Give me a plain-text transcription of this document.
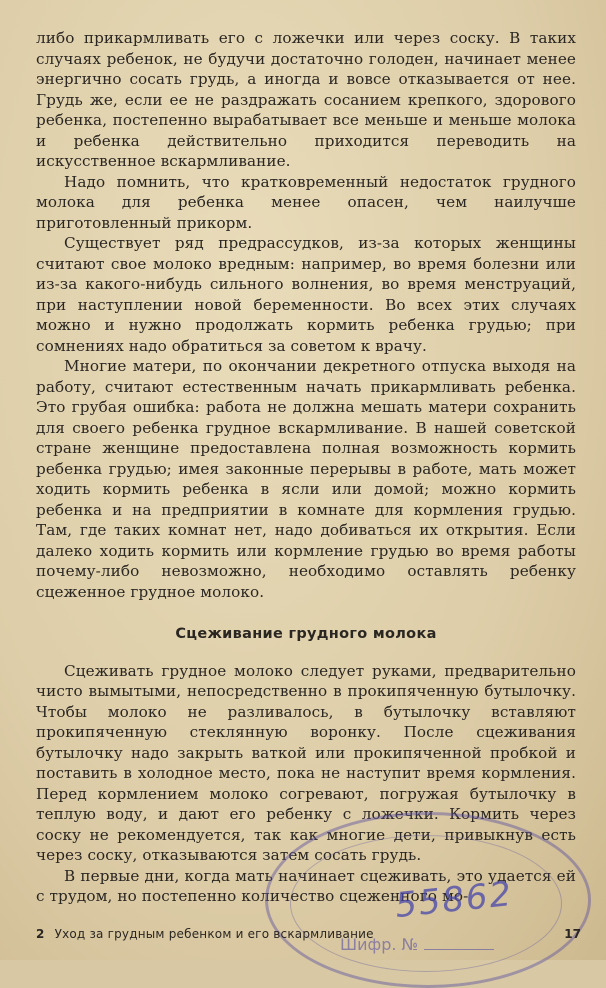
либо прикармливать его с ложечки или через соску. В таких случаях ребенок, не будучи достаточно голоден, начинает менее энергично сосать грудь, а иногда и вовсе отказывается от нее. Грудь же, если ее не раздражать сосанием крепкого, здорового ребенка, постепенно вырабатывает все меньше и меньше молока и ребенка действительно приходится переводить на искусственное вскармливание.

Надо помнить, что кратковременный недостаток грудного молока для ребенка менее опасен, чем наилучше приготовленный прикорм.

Существует ряд предрассудков, из-за которых женщины считают свое молоко вредным: например, во время болезни или из-за какого-нибудь сильного волнения, во время менструаций, при наступлении новой беременности. Во всех этих случаях можно и нужно продолжать кормить ребенка грудью; при сомнениях надо обратиться за советом к врачу.

Многие матери, по окончании декретного отпуска выходя на работу, считают естественным начать прикармливать ребенка. Это грубая ошибка: работа не должна мешать матери сохранить для своего ребенка грудное вскармливание. В нашей советской стране женщине предоставлена полная возможность кормить ребенка грудью; имея законные перерывы в работе, мать может ходить кормить ребенка в ясли или домой; можно кормить ребенка и на предприятии в комнате для кормления грудью. Там, где таких комнат нет, надо добиваться их открытия. Если далеко ходить кормить или кормление грудью во время работы почему-либо невозможно, необходимо оставлять ребенку сцеженное грудное молоко.

Сцеживание грудного молока

Сцеживать грудное молоко следует руками, предварительно чисто вымытыми, непосредственно в прокипяченную бутылочку. Чтобы молоко не разливалось, в бутылочку вставляют прокипяченную стеклянную воронку. После сцеживания бутылочку надо закрыть ваткой или прокипяченной пробкой и поставить в холодное место, пока не наступит время кормления. Перед кормлением молоко согревают, погружая бутылочку в теплую воду, и дают его ребенку с ложечки. Кормить через соску не рекомендуется, так как многие дети, привыкнув есть через соску, отказываются затем сосать грудь.

В первые дни, когда мать начинает сцеживать, это удается ей с трудом, но постепенно количество сцеженного мо-

55862
Шифр. №
2 Уход за грудным ребенком и его вскармливание	17
